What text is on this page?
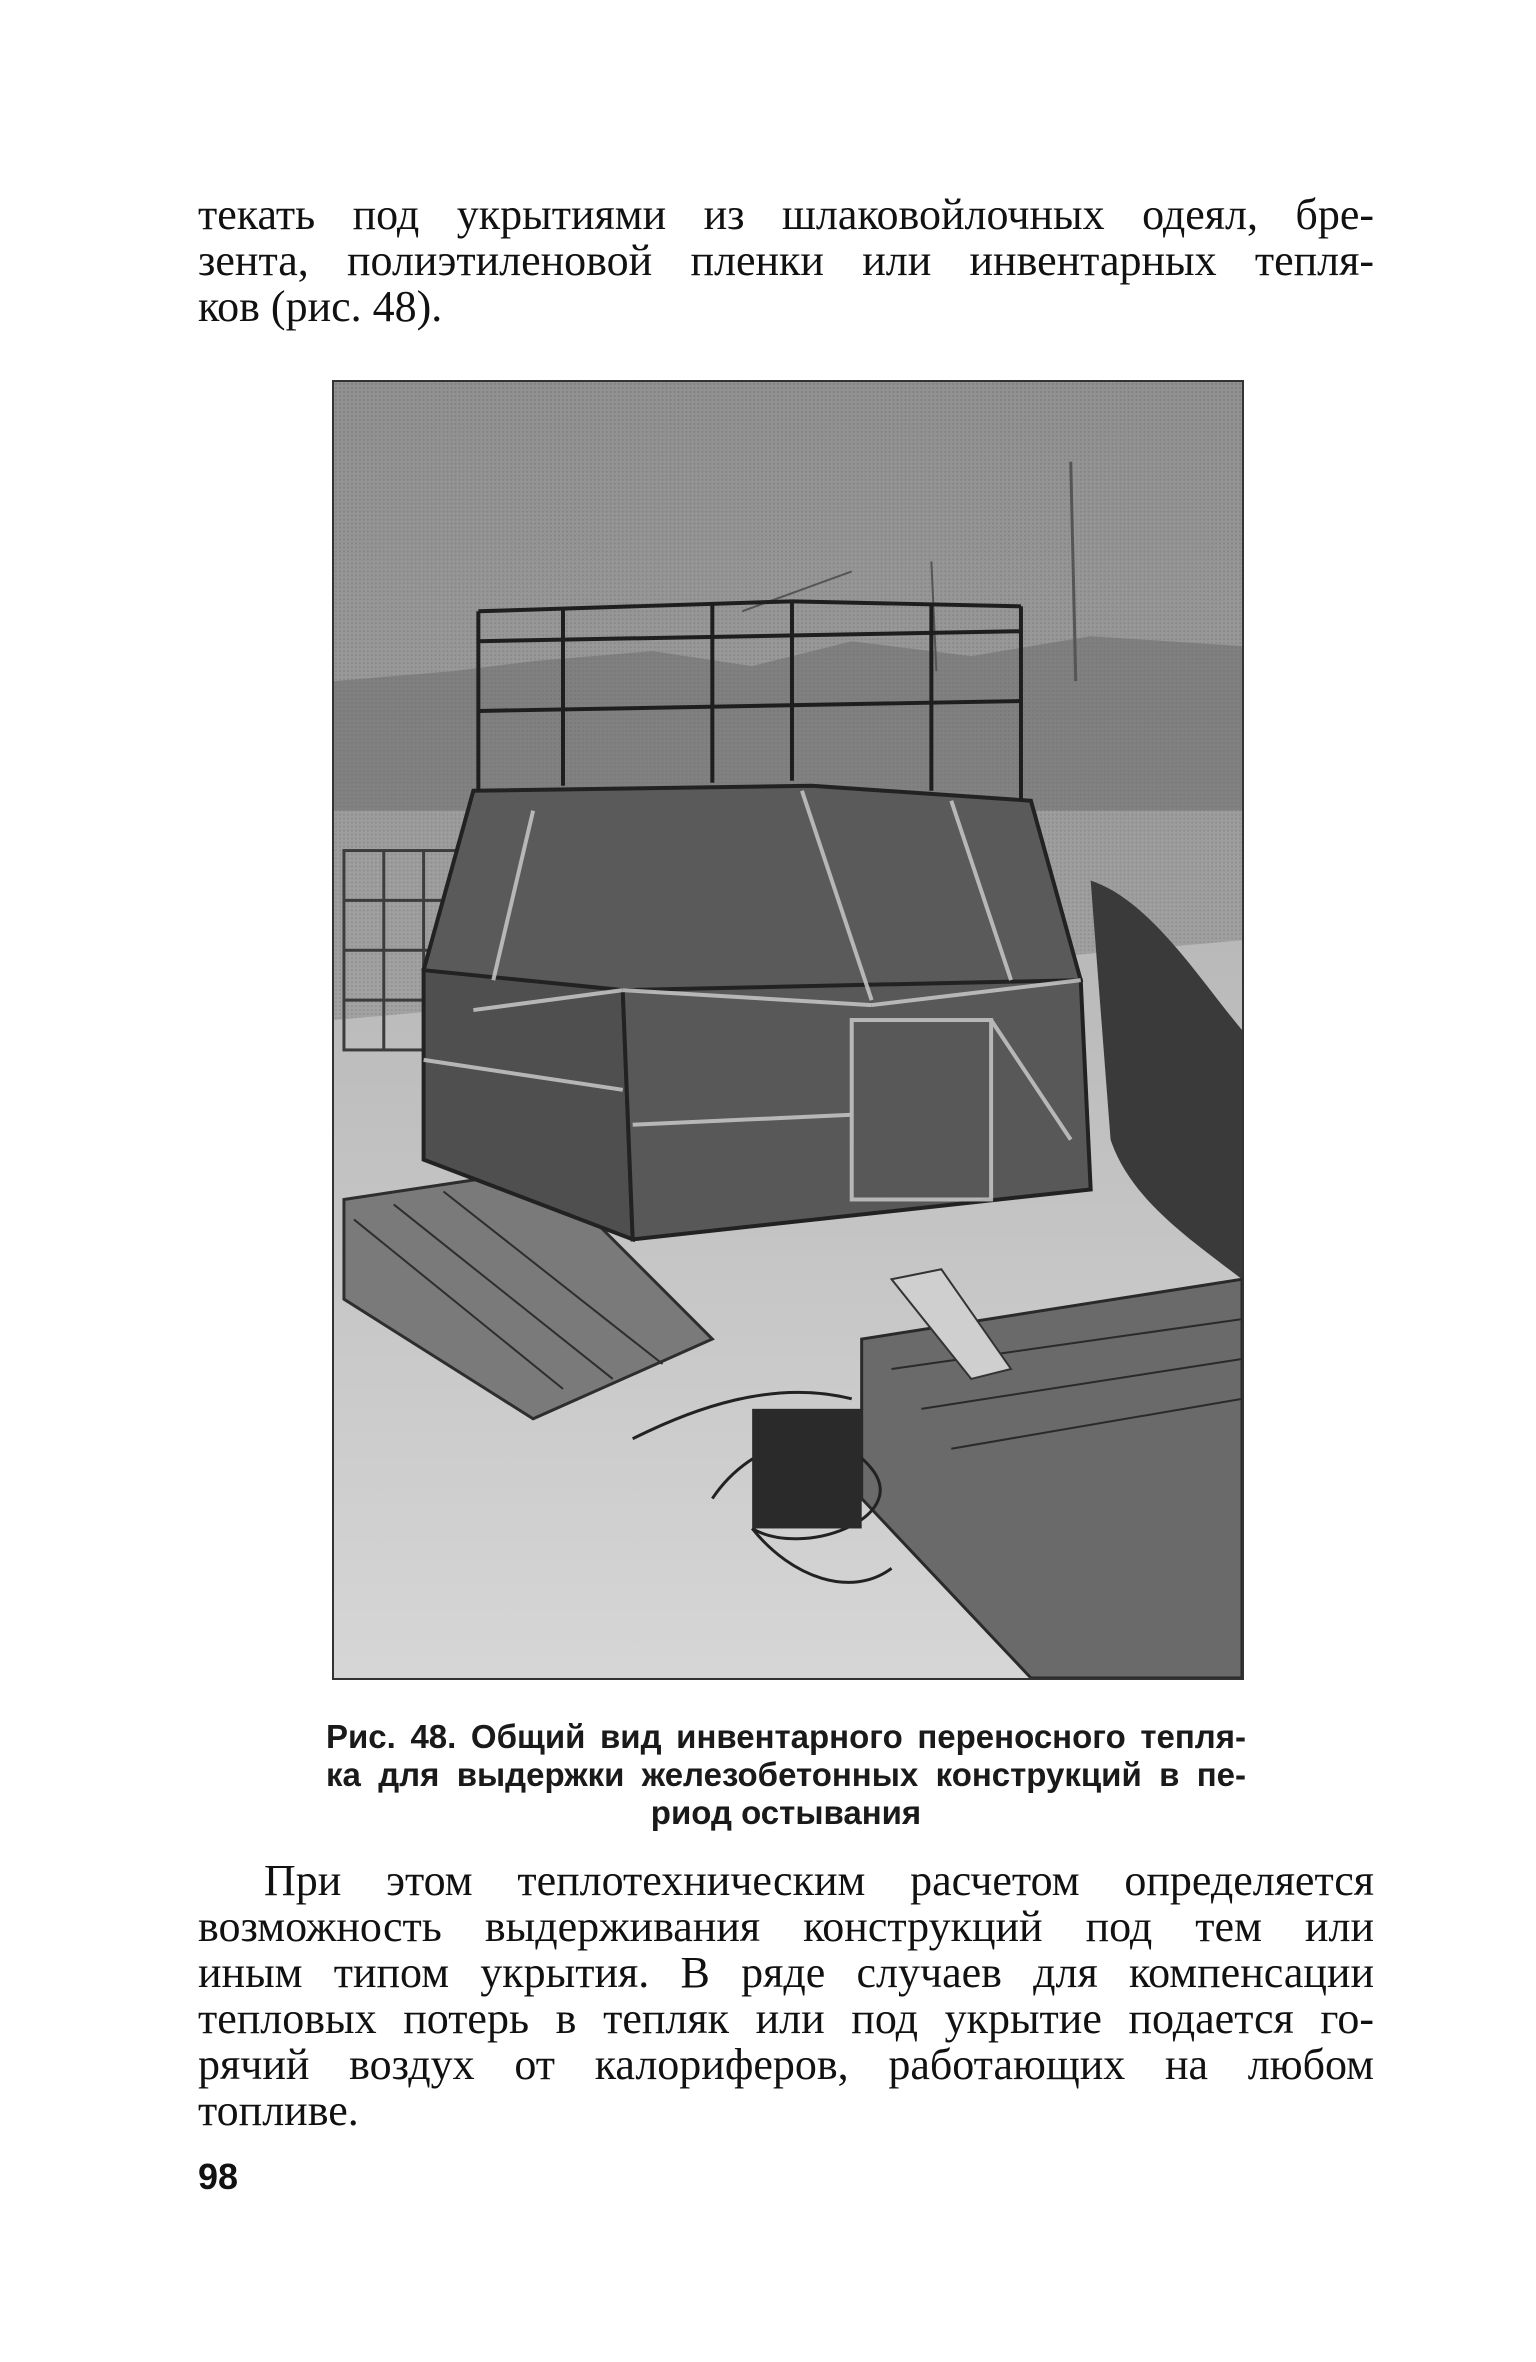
текать под укрытиями из шлаковойлочных одеял, бре-
зента, полиэтиленовой пленки или инвентарных тепля-
ков (рис. 48).

Рис. 48. Общий вид инвентарного переносного тепля-
ка для выдержки железобетонных конструкций в пе-
риод остывания

При этом теплотехническим расчетом определяется
возможность выдерживания конструкций под тем или
иным типом укрытия. В ряде случаев для компенсации
тепловых потерь в тепляк или под укрытие подается го-
рячий воздух от калориферов, работающих на любом
топливе.

98
